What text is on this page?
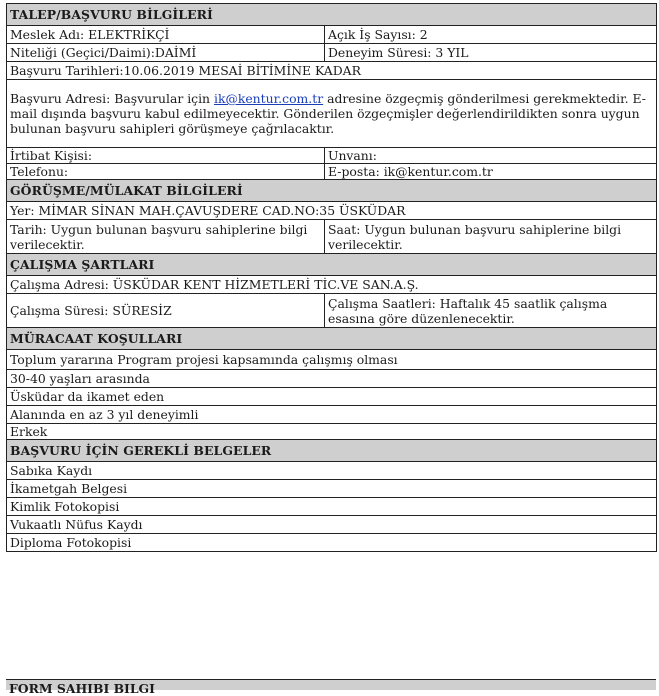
TALEP/BAŞVURU BİLGİLERİ	
Meslek Adı: ELEKTRİKÇİ	Açık İş Sayısı: 2
Niteliği (Geçici/Daimi):DAİMİ	Deneyim Süresi: 3 YIL
Başvuru Tarihleri:10.06.2019 MESAİ BİTİMİNE KADAR	
Başvuru Adresi: Başvurular için ik@kentur.com.tr adresine özgeçmiş gönderilmesi gerekmektedir. E-mail dışında başvuru kabul edilmeyecektir. Gönderilen özgeçmişler değerlendirildikten sonra uygun bulunan başvuru sahipleri görüşmeye çağrılacaktır.	
İrtibat Kişisi:	Unvanı:
Telefonu:	E-posta: ik@kentur.com.tr
GÖRÜŞME/MÜLAKAT BİLGİLERİ	
Yer: MİMAR SİNAN MAH.ÇAVUŞDERE CAD.NO:35 ÜSKÜDAR	
Tarih: Uygun bulunan başvuru sahiplerine bilgi verilecektir.	Saat: Uygun bulunan başvuru sahiplerine bilgi verilecektir.
ÇALIŞMA ŞARTLARI	
Çalışma Adresi: ÜSKÜDAR KENT HİZMETLERİ TİC.VE SAN.A.Ş.	
Çalışma Süresi: SÜRESİZ	Çalışma Saatleri: Haftalık 45 saatlik çalışma esasına göre düzenlenecektir.
MÜRACAAT KOŞULLARI	
Toplum yararına Program projesi kapsamında çalışmış olması	
30-40 yaşları arasında	
Üsküdar da ikamet eden	
Alanında en az 3 yıl deneyimli	
Erkek	
BAŞVURU İÇİN GEREKLİ BELGELER	
Sabıka Kaydı	
İkametgah Belgesi	
Kimlik Fotokopisi	
Vukaatlı Nüfus Kaydı	
Diploma Fotokopisi	
FORM SAHIBI BILGI
